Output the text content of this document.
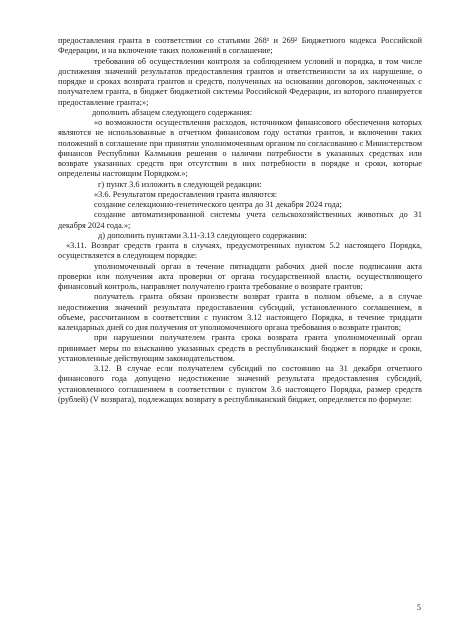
предоставления гранта в соответствии со статьями 268¹ и 269² Бюджетного кодекса Российской Федерации, и на включение таких положений в соглашение;

требования об осуществлении контроля за соблюдением условий и порядка, в том числе достижения значений результатов предоставления грантов и ответственности за их нарушение, о порядке и сроках возврата грантов и средств, полученных на основании договоров, заключенных с получателем гранта, в бюджет бюджетной системы Российской Федерации, из которого планируется предоставление гранта;»;

дополнить абзацем следующего содержания:

«о возможности осуществления расходов, источником финансового обеспечения которых являются не использованные в отчетном финансовом году остатки грантов, и включении таких положений в соглашение при принятии уполномоченным органом по согласованию с Министерством финансов Республики Калмыкия решения о наличии потребности в указанных средствах или возврате указанных средств при отсутствии в них потребности в порядке и сроки, которые определены настоящим Порядком.»;

г) пункт 3.6 изложить в следующей редакции:

«3.6. Результатом предоставления гранта являются:

создание селекционно-генетического центра до 31 декабря 2024 года;

создание автоматизированной системы учета сельскохозяйственных животных до 31 декабря 2024 года.»;

д) дополнить пунктами 3.11-3.13 следующего содержания:

«3.11. Возврат средств гранта в случаях, предусмотренных пунктом 5.2 настоящего Порядка, осуществляется в следующем порядке:

уполномоченный орган в течение пятнадцати рабочих дней после подписания акта проверки или получения акта проверки от органа государственной власти, осуществляющего финансовый контроль, направляет получателю гранта требование о возврате грантов;

получатель гранта обязан произвести возврат гранта в полном объеме, а в случае недостижения значений результата предоставления субсидий, установленного соглашением, в объеме, рассчитанном в соответствии с пунктом 3.12 настоящего Порядка, в течение тридцати календарных дней со дня получения от уполномоченного органа требования о возврате грантов;

при нарушении получателем гранта срока возврата гранта уполномоченный орган принимает меры по взысканию указанных средств в республиканский бюджет в порядке и сроки, установленные действующим законодательством.

3.12. В случае если получателем субсидий по состоянию на 31 декабря отчетного финансового года допущено недостижение значений результата предоставления субсидий, установленного соглашением в соответствии с пунктом 3.6 настоящего Порядка, размер средств (рублей) (V возврата), подлежащих возврату в республиканский бюджет, определяется по формуле:

5
